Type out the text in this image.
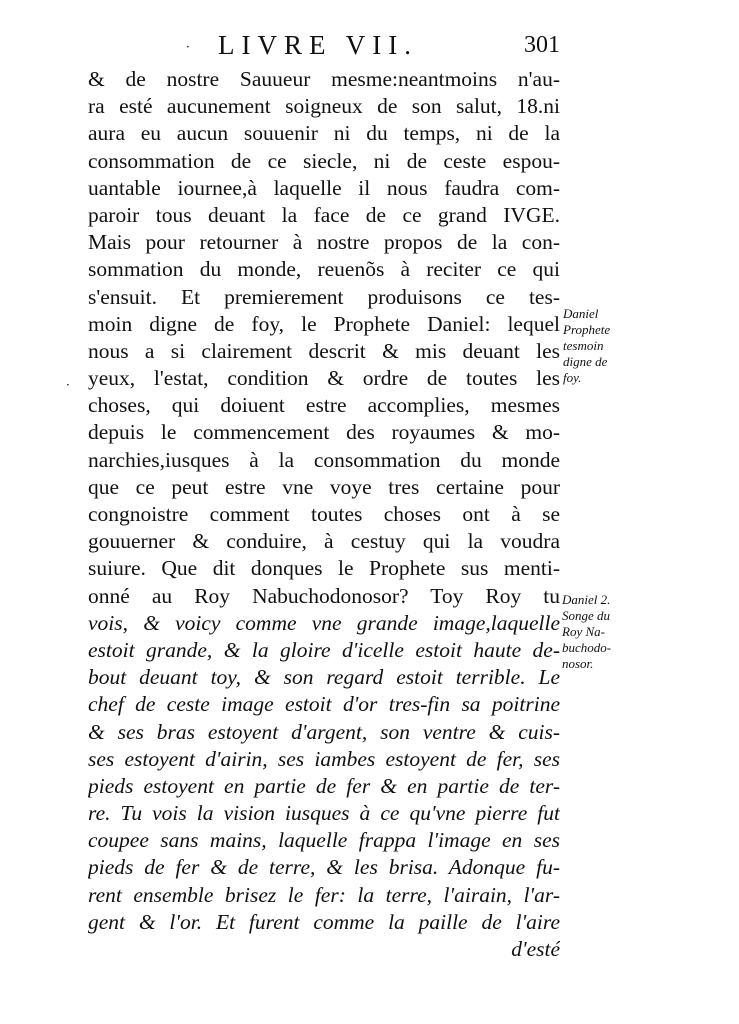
· LIVRE VII.	301
·
& de nostre Sauueur mesme:neantmoins n'au-
ra esté aucunement soigneux de son salut, 18.ni
aura eu aucun souuenir ni du temps, ni de la
consommation de ce siecle, ni de ceste espou-
uantable iournee,à laquelle il nous faudra com-
paroir tous deuant la face de ce grand IVGE.
Mais pour retourner à nostre propos de la con-
sommation du monde, reuenõs à reciter ce qui
s'ensuit. Et premierement produisons ce tes-
moin digne de foy, le Prophete Daniel: lequel
nous a si clairement descrit & mis deuant les
yeux, l'estat, condition & ordre de toutes les
choses, qui doiuent estre accomplies, mesmes
depuis le commencement des royaumes & mo-
narchies,iusques à la consommation du monde
que ce peut estre vne voye tres certaine pour
congnoistre comment toutes choses ont à se
gouuerner & conduire, à cestuy qui la voudra
suiure. Que dit donques le Prophete sus menti-
onné au Roy Nabuchodonosor? Toy Roy tu
vois, & voicy comme vne grande image,laquelle
estoit grande, & la gloire d'icelle estoit haute de-
bout deuant toy, & son regard estoit terrible. Le
chef de ceste image estoit d'or tres-fin sa poitrine
& ses bras estoyent d'argent, son ventre & cuis-
ses estoyent d'airin, ses iambes estoyent de fer, ses
pieds estoyent en partie de fer & en partie de ter-
re. Tu vois la vision iusques à ce qu'vne pierre fut
coupee sans mains, laquelle frappa l'image en ses
pieds de fer & de terre, & les brisa. Adonque fu-
rent ensemble brisez le fer: la terre, l'airain, l'ar-
gent & l'or. Et furent comme la paille de l'aire
d'esté
Daniel
Prophete
tesmoin
digne de
foy.
Daniel 2.
Songe du
Roy Na-
buchodo-
nosor.
